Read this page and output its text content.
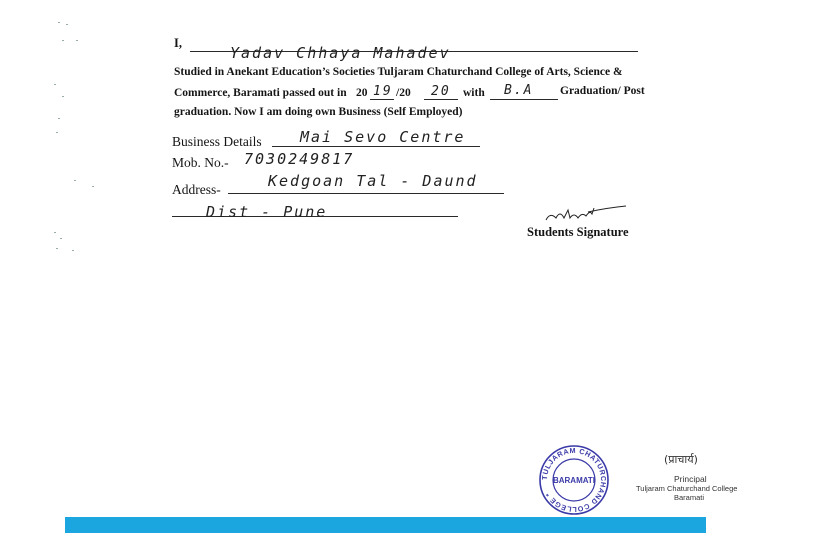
I,
Yadav Chhaya Mahadev
Studied in Anekant Education’s Societies Tuljaram Chaturchand College of Arts, Science &
Commerce, Baramati passed out in 20 19 /20 20 with B.A Graduation/ Post
graduation. Now I am doing own Business (Self Employed)
Business Details	Mai Sevo Centre
Mob. No.- 7030249817
Address-	Kedgoan Tal - Daund
Dist - Pune
Students Signature
TULJARAM CHATURCHAND COLLEGE *
BARAMATI
(प्राचार्य)
Principal
Tuljaram Chaturchand College
Baramati
